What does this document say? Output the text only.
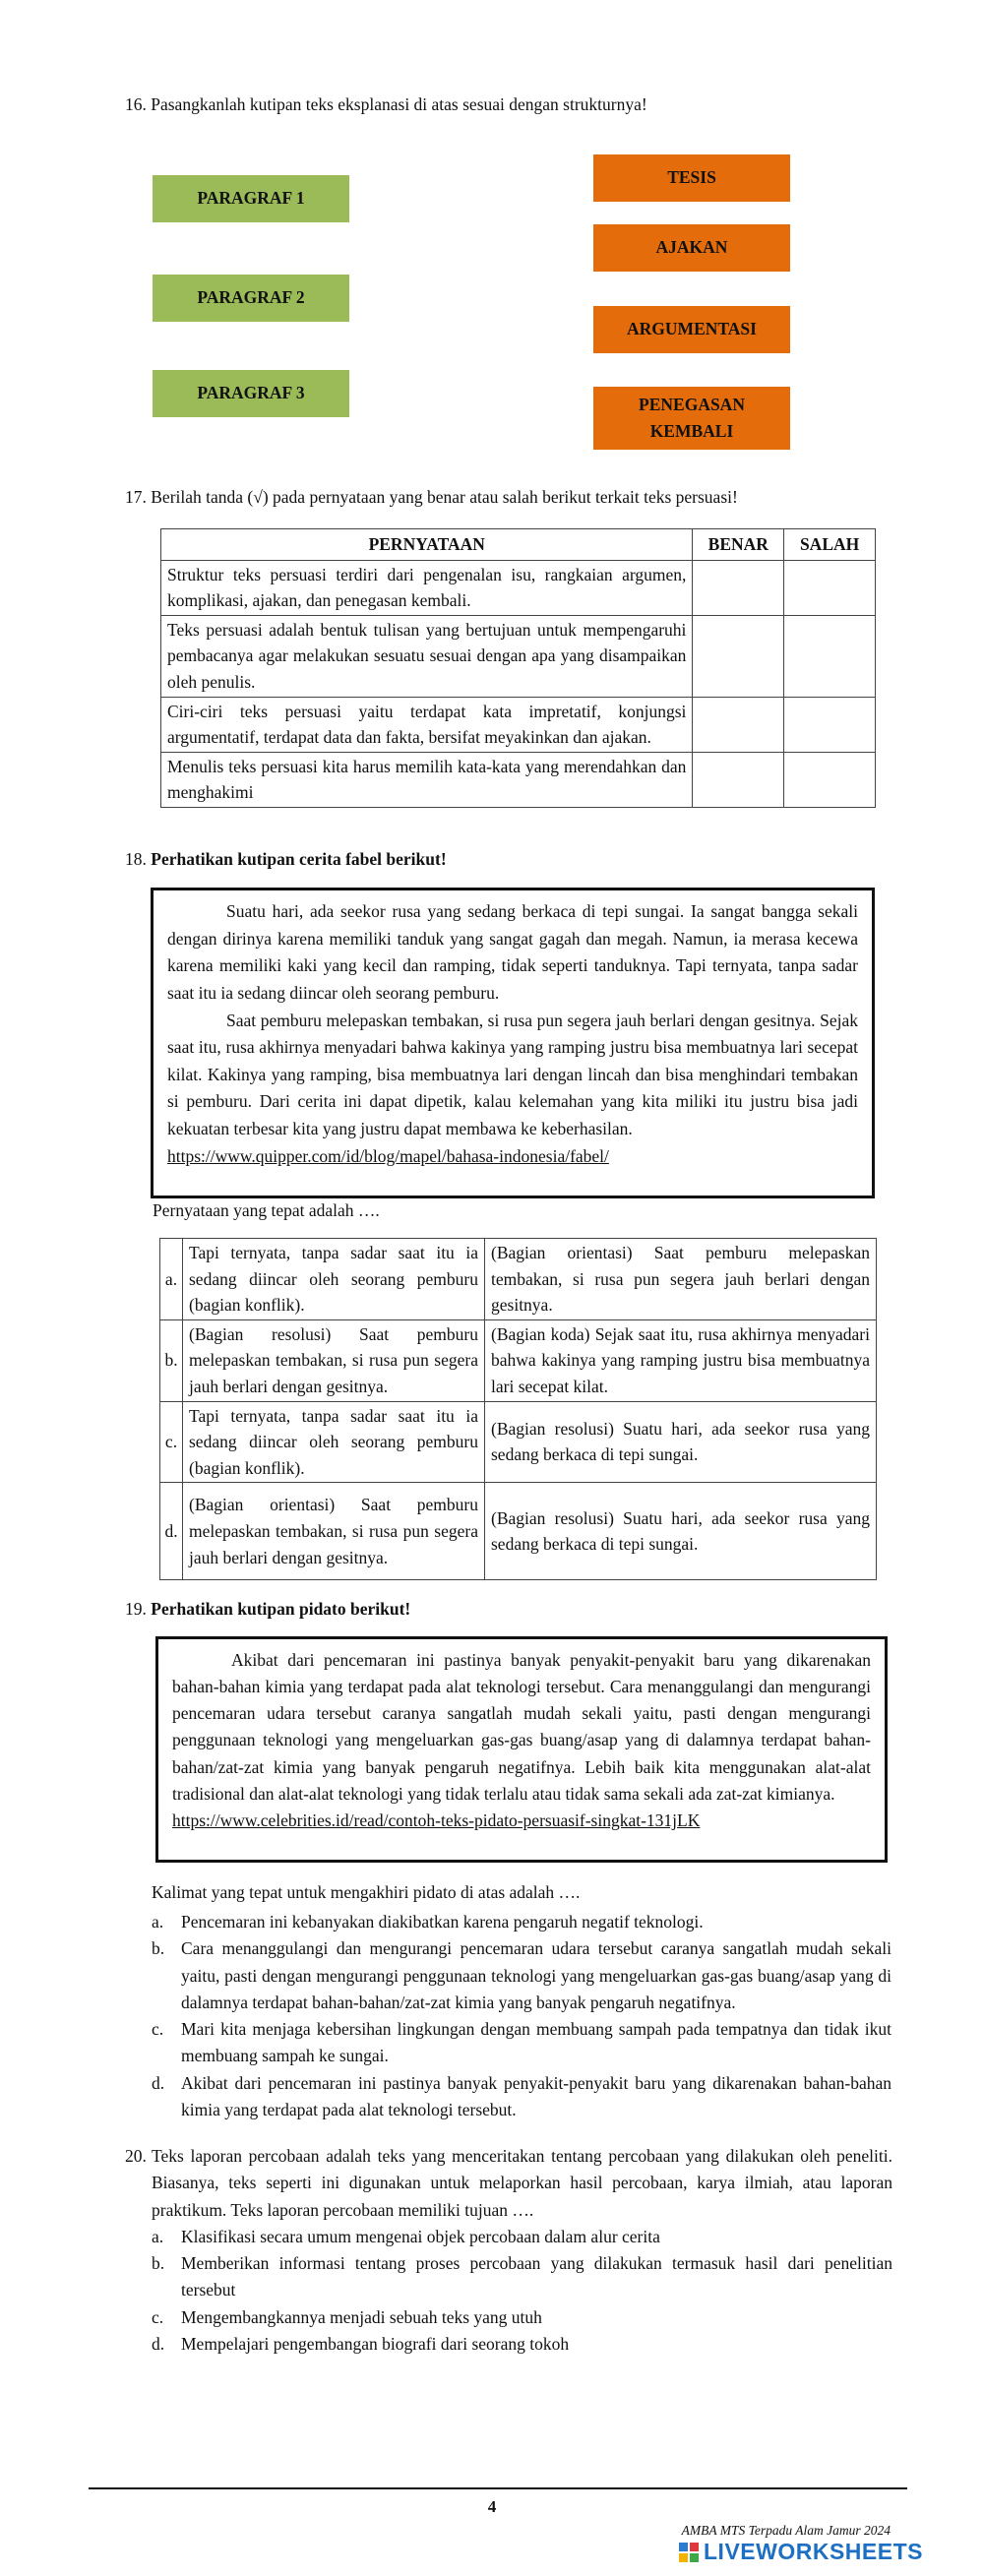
16. Pasangkanlah kutipan teks eksplanasi di atas sesuai dengan strukturnya!
PARAGRAF 1
PARAGRAF 2
PARAGRAF 3
TESIS
AJAKAN
ARGUMENTASI
PENEGASAN KEMBALI
17. Berilah tanda (√) pada pernyataan yang benar atau salah berikut terkait teks persuasi!
PERNYATAAN	BENAR	SALAH
Struktur teks persuasi terdiri dari pengenalan isu, rangkaian argumen, komplikasi, ajakan, dan penegasan kembali.		
Teks persuasi adalah bentuk tulisan yang bertujuan untuk mempengaruhi pembacanya agar melakukan sesuatu sesuai dengan apa yang disampaikan oleh penulis.		
Ciri-ciri teks persuasi yaitu terdapat kata impretatif, konjungsi argumentatif, terdapat data dan fakta, bersifat meyakinkan dan ajakan.		
Menulis teks persuasi kita harus memilih kata-kata yang merendahkan dan menghakimi		
18. Perhatikan kutipan cerita fabel berikut!

Suatu hari, ada seekor rusa yang sedang berkaca di tepi sungai. Ia sangat bangga sekali dengan dirinya karena memiliki tanduk yang sangat gagah dan megah. Namun, ia merasa kecewa karena memiliki kaki yang kecil dan ramping, tidak seperti tanduknya. Tapi ternyata, tanpa sadar saat itu ia sedang diincar oleh seorang pemburu.

Saat pemburu melepaskan tembakan, si rusa pun segera jauh berlari dengan gesitnya. Sejak saat itu, rusa akhirnya menyadari bahwa kakinya yang ramping justru bisa membuatnya lari secepat kilat. Kakinya yang ramping, bisa membuatnya lari dengan lincah dan bisa menghindari tembakan si pemburu. Dari cerita ini dapat dipetik, kalau kelemahan yang kita miliki itu justru bisa jadi kekuatan terbesar kita yang justru dapat membawa ke keberhasilan.

https://www.quipper.com/id/blog/mapel/bahasa-indonesia/fabel/
Pernyataan yang tepat adalah ….
a.	Tapi ternyata, tanpa sadar saat itu ia sedang diincar oleh seorang pemburu (bagian konflik).	(Bagian orientasi) Saat pemburu melepaskan tembakan, si rusa pun segera jauh berlari dengan gesitnya.
b.	(Bagian resolusi) Saat pemburu melepaskan tembakan, si rusa pun segera jauh berlari dengan gesitnya.	(Bagian koda) Sejak saat itu, rusa akhirnya menyadari bahwa kakinya yang ramping justru bisa membuatnya lari secepat kilat.
c.	Tapi ternyata, tanpa sadar saat itu ia sedang diincar oleh seorang pemburu (bagian konflik).	(Bagian resolusi) Suatu hari, ada seekor rusa yang sedang berkaca di tepi sungai.
d.	(Bagian orientasi) Saat pemburu melepaskan tembakan, si rusa pun segera jauh berlari dengan gesitnya.	(Bagian resolusi) Suatu hari, ada seekor rusa yang sedang berkaca di tepi sungai.
19. Perhatikan kutipan pidato berikut!

Akibat dari pencemaran ini pastinya banyak penyakit-penyakit baru yang dikarenakan bahan-bahan kimia yang terdapat pada alat teknologi tersebut. Cara menanggulangi dan mengurangi pencemaran udara tersebut caranya sangatlah mudah sekali yaitu, pasti dengan mengurangi penggunaan teknologi yang mengeluarkan gas-gas buang/asap yang di dalamnya terdapat bahan-bahan/zat-zat kimia yang banyak pengaruh negatifnya. Lebih baik kita menggunakan alat-alat tradisional dan alat-alat teknologi yang tidak terlalu atau tidak sama sekali ada zat-zat kimianya.

https://www.celebrities.id/read/contoh-teks-pidato-persuasif-singkat-131jLK
Kalimat yang tepat untuk mengakhiri pidato di atas adalah ….
a.	Pencemaran ini kebanyakan diakibatkan karena pengaruh negatif teknologi.
b. Cara menanggulangi dan mengurangi pencemaran udara tersebut caranya sangatlah mudah sekali yaitu, pasti dengan mengurangi penggunaan teknologi yang mengeluarkan gas-gas buang/asap yang di dalamnya terdapat bahan-bahan/zat-zat kimia yang banyak pengaruh negatifnya.
c.	Mari kita menjaga kebersihan lingkungan dengan membuang sampah pada tempatnya dan tidak ikut membuang sampah ke sungai.
d. Akibat dari pencemaran ini pastinya banyak penyakit-penyakit baru yang dikarenakan bahan-bahan kimia yang terdapat pada alat teknologi tersebut.
20. Teks laporan percobaan adalah teks yang menceritakan tentang percobaan yang dilakukan oleh peneliti. Biasanya, teks seperti ini digunakan untuk melaporkan hasil percobaan, karya ilmiah, atau laporan praktikum. Teks laporan percobaan memiliki tujuan ….
a.	Klasifikasi secara umum mengenai objek percobaan dalam alur cerita
b. Memberikan informasi tentang proses percobaan yang dilakukan termasuk hasil dari penelitian tersebut
c.	Mengembangkannya menjadi sebuah teks yang utuh
d. Mempelajari pengembangan biografi dari seorang tokoh
4
AMBA MTS Terpadu Alam Jamur 2024
LIVEWORKSHEETS
